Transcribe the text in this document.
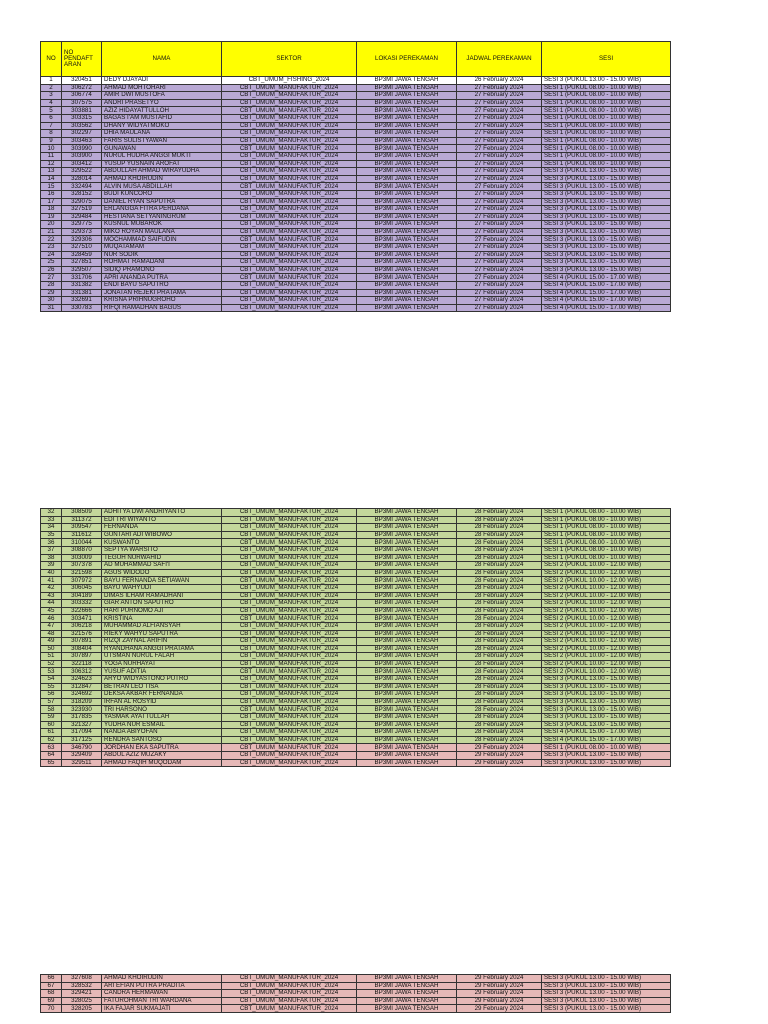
NO	NO PENDAFT ARAN	NAMA	SEKTOR	LOKASI PEREKAMAN	JADWAL PEREKAMAN	SESI
1	320451	DEDY DJAYADI	CBT_UMUM_FISHING_2024	BP3MI JAWA TENGAH	26 February 2024	SESI 3 (PUKUL 13.00 - 15.00 WIB)
2	306272	AHMAD MOHTOHARI	CBT_UMUM_MANUFAKTUR_2024	BP3MI JAWA TENGAH	27 February 2024	SESI 1 (PUKUL 08.00 - 10.00 WIB)
3	306774	AMIR DWI MUSTOFA	CBT_UMUM_MANUFAKTUR_2024	BP3MI JAWA TENGAH	27 February 2024	SESI 1 (PUKUL 08.00 - 10.00 WIB)
4	307575	ANDRI PRASETYO	CBT_UMUM_MANUFAKTUR_2024	BP3MI JAWA TENGAH	27 February 2024	SESI 1 (PUKUL 08.00 - 10.00 WIB)
5	303881	AZIZ HIDAYATTULLOH	CBT_UMUM_MANUFAKTUR_2024	BP3MI JAWA TENGAH	27 February 2024	SESI 1 (PUKUL 08.00 - 10.00 WIB)
6	303315	BAGAS I'AM MUSTAFID	CBT_UMUM_MANUFAKTUR_2024	BP3MI JAWA TENGAH	27 February 2024	SESI 1 (PUKUL 08.00 - 10.00 WIB)
7	303562	DHANY WIDYATMOKO	CBT_UMUM_MANUFAKTUR_2024	BP3MI JAWA TENGAH	27 February 2024	SESI 1 (PUKUL 08.00 - 10.00 WIB)
8	302297	DHIA MAULANA	CBT_UMUM_MANUFAKTUR_2024	BP3MI JAWA TENGAH	27 February 2024	SESI 1 (PUKUL 08.00 - 10.00 WIB)
9	303463	FARIS SULISTYAWAN	CBT_UMUM_MANUFAKTUR_2024	BP3MI JAWA TENGAH	27 February 2024	SESI 1 (PUKUL 08.00 - 10.00 WIB)
10	303990	GUNAWAN	CBT_UMUM_MANUFAKTUR_2024	BP3MI JAWA TENGAH	27 February 2024	SESI 1 (PUKUL 08.00 - 10.00 WIB)
11	303900	NURUL HUDHA ANGGI MUKTI	CBT_UMUM_MANUFAKTUR_2024	BP3MI JAWA TENGAH	27 February 2024	SESI 1 (PUKUL 08.00 - 10.00 WIB)
12	303412	YUSUP YUSNAIN AROFAT	CBT_UMUM_MANUFAKTUR_2024	BP3MI JAWA TENGAH	27 February 2024	SESI 1 (PUKUL 08.00 - 10.00 WIB)
13	329522	ABDULLAH AHMAD WIRAYUDHA	CBT_UMUM_MANUFAKTUR_2024	BP3MI JAWA TENGAH	27 February 2024	SESI 3 (PUKUL 13.00 - 15.00 WIB)
14	328014	AHMAD KHOIRUDIN	CBT_UMUM_MANUFAKTUR_2024	BP3MI JAWA TENGAH	27 February 2024	SESI 3 (PUKUL 13.00 - 15.00 WIB)
15	332494	ALVIN MUSA ABDILLAH	CBT_UMUM_MANUFAKTUR_2024	BP3MI JAWA TENGAH	27 February 2024	SESI 3 (PUKUL 13.00 - 15.00 WIB)
16	328152	BUDI KUNCORO	CBT_UMUM_MANUFAKTUR_2024	BP3MI JAWA TENGAH	27 February 2024	SESI 3 (PUKUL 13.00 - 15.00 WIB)
17	329075	DANIEL RYAN SAPUTRA	CBT_UMUM_MANUFAKTUR_2024	BP3MI JAWA TENGAH	27 February 2024	SESI 3 (PUKUL 13.00 - 15.00 WIB)
18	327519	ERLANGGA FITRA PERDANA	CBT_UMUM_MANUFAKTUR_2024	BP3MI JAWA TENGAH	27 February 2024	SESI 3 (PUKUL 13.00 - 15.00 WIB)
19	329484	HESTIANA SETYANINGRUM	CBT_UMUM_MANUFAKTUR_2024	BP3MI JAWA TENGAH	27 February 2024	SESI 3 (PUKUL 13.00 - 15.00 WIB)
20	329775	KUSNUL MUBAROK	CBT_UMUM_MANUFAKTUR_2024	BP3MI JAWA TENGAH	27 February 2024	SESI 3 (PUKUL 13.00 - 15.00 WIB)
21	329373	MIKO ROYAN MAULANA	CBT_UMUM_MANUFAKTUR_2024	BP3MI JAWA TENGAH	27 February 2024	SESI 3 (PUKUL 13.00 - 15.00 WIB)
22	329306	MOCHAMMAD SAIFUDIN	CBT_UMUM_MANUFAKTUR_2024	BP3MI JAWA TENGAH	27 February 2024	SESI 3 (PUKUL 13.00 - 15.00 WIB)
23	327510	MUQATAMAM	CBT_UMUM_MANUFAKTUR_2024	BP3MI JAWA TENGAH	27 February 2024	SESI 3 (PUKUL 13.00 - 15.00 WIB)
24	328459	NUR SODIK	CBT_UMUM_MANUFAKTUR_2024	BP3MI JAWA TENGAH	27 February 2024	SESI 3 (PUKUL 13.00 - 15.00 WIB)
25	327851	ROHMAT RAMADANI	CBT_UMUM_MANUFAKTUR_2024	BP3MI JAWA TENGAH	27 February 2024	SESI 3 (PUKUL 13.00 - 15.00 WIB)
26	329507	SIDIQ PRAMONO	CBT_UMUM_MANUFAKTUR_2024	BP3MI JAWA TENGAH	27 February 2024	SESI 3 (PUKUL 13.00 - 15.00 WIB)
27	331706	APRI ANANDA PUTRA	CBT_UMUM_MANUFAKTUR_2024	BP3MI JAWA TENGAH	27 February 2024	SESI 4 (PUKUL 15.00 - 17.00 WIB)
28	331382	ENDI BAYU SAPUTRO	CBT_UMUM_MANUFAKTUR_2024	BP3MI JAWA TENGAH	27 February 2024	SESI 4 (PUKUL 15.00 - 17.00 WIB)
29	331381	JONATAN REJEKI PRATAMA	CBT_UMUM_MANUFAKTUR_2024	BP3MI JAWA TENGAH	27 February 2024	SESI 4 (PUKUL 15.00 - 17.00 WIB)
30	332691	KRISNA PRIHNUGROHO	CBT_UMUM_MANUFAKTUR_2024	BP3MI JAWA TENGAH	27 February 2024	SESI 4 (PUKUL 15.00 - 17.00 WIB)
31	330783	RIFQI RAMADHAN BAGUS	CBT_UMUM_MANUFAKTUR_2024	BP3MI JAWA TENGAH	27 February 2024	SESI 4 (PUKUL 15.00 - 17.00 WIB)
32	308509	ADHITYA DWI ANDRIYANTO	CBT_UMUM_MANUFAKTUR_2024	BP3MI JAWA TENGAH	28 February 2024	SESI 1 (PUKUL 08.00 - 10.00 WIB)
33	311372	EDI TRI WIYANTO	CBT_UMUM_MANUFAKTUR_2024	BP3MI JAWA TENGAH	28 February 2024	SESI 1 (PUKUL 08.00 - 10.00 WIB)
34	309547	FERNANDA	CBT_UMUM_MANUFAKTUR_2024	BP3MI JAWA TENGAH	28 February 2024	SESI 1 (PUKUL 08.00 - 10.00 WIB)
35	311612	GUNTARI ADI WIBOWO	CBT_UMUM_MANUFAKTUR_2024	BP3MI JAWA TENGAH	28 February 2024	SESI 1 (PUKUL 08.00 - 10.00 WIB)
36	310044	KUSWANTO	CBT_UMUM_MANUFAKTUR_2024	BP3MI JAWA TENGAH	28 February 2024	SESI 1 (PUKUL 08.00 - 10.00 WIB)
37	308870	SEPTYA WARSITO	CBT_UMUM_MANUFAKTUR_2024	BP3MI JAWA TENGAH	28 February 2024	SESI 1 (PUKUL 08.00 - 10.00 WIB)
38	303009	TEGUH NURWAHID	CBT_UMUM_MANUFAKTUR_2024	BP3MI JAWA TENGAH	28 February 2024	SESI 1 (PUKUL 08.00 - 10.00 WIB)
39	307378	AD MUHAMMAD SAFI'I	CBT_UMUM_MANUFAKTUR_2024	BP3MI JAWA TENGAH	28 February 2024	SESI 2 (PUKUL 10.00 - 12.00 WIB)
40	321598	AGUS WIDODO	CBT_UMUM_MANUFAKTUR_2024	BP3MI JAWA TENGAH	28 February 2024	SESI 2 (PUKUL 10.00 - 12.00 WIB)
41	307972	BAYU FERNANDA SETIAWAN	CBT_UMUM_MANUFAKTUR_2024	BP3MI JAWA TENGAH	28 February 2024	SESI 2 (PUKUL 10.00 - 12.00 WIB)
42	306045	BAYU WAHYUDI	CBT_UMUM_MANUFAKTUR_2024	BP3MI JAWA TENGAH	28 February 2024	SESI 2 (PUKUL 10.00 - 12.00 WIB)
43	304189	DIMAS ILHAM RAMADHANI	CBT_UMUM_MANUFAKTUR_2024	BP3MI JAWA TENGAH	28 February 2024	SESI 2 (PUKUL 10.00 - 12.00 WIB)
44	303332	GIAR ANTON SAPUTRO	CBT_UMUM_MANUFAKTUR_2024	BP3MI JAWA TENGAH	28 February 2024	SESI 2 (PUKUL 10.00 - 12.00 WIB)
45	322666	HARI PURNOMO AJI	CBT_UMUM_MANUFAKTUR_2024	BP3MI JAWA TENGAH	28 February 2024	SESI 2 (PUKUL 10.00 - 12.00 WIB)
46	303471	KRISTINA	CBT_UMUM_MANUFAKTUR_2024	BP3MI JAWA TENGAH	28 February 2024	SESI 2 (PUKUL 10.00 - 12.00 WIB)
47	306218	MUHAMMAD ALFIANSYAH	CBT_UMUM_MANUFAKTUR_2024	BP3MI JAWA TENGAH	28 February 2024	SESI 2 (PUKUL 10.00 - 12.00 WIB)
48	321576	RIEKY WAHYU SAPUTRA	CBT_UMUM_MANUFAKTUR_2024	BP3MI JAWA TENGAH	28 February 2024	SESI 2 (PUKUL 10.00 - 12.00 WIB)
49	307891	RIZQI ZAYNAL ARIFIN	CBT_UMUM_MANUFAKTUR_2024	BP3MI JAWA TENGAH	28 February 2024	SESI 2 (PUKUL 10.00 - 12.00 WIB)
50	308404	RYANDHANA ANGGI PRATAMA	CBT_UMUM_MANUFAKTUR_2024	BP3MI JAWA TENGAH	28 February 2024	SESI 2 (PUKUL 10.00 - 12.00 WIB)
51	307897	UTSMAN NURUL FALAH	CBT_UMUM_MANUFAKTUR_2024	BP3MI JAWA TENGAH	28 February 2024	SESI 2 (PUKUL 10.00 - 12.00 WIB)
52	322118	YOGA NURHAYAT	CBT_UMUM_MANUFAKTUR_2024	BP3MI JAWA TENGAH	28 February 2024	SESI 2 (PUKUL 10.00 - 12.00 WIB)
53	306312	YUSUF ADITIA	CBT_UMUM_MANUFAKTUR_2024	BP3MI JAWA TENGAH	28 February 2024	SESI 2 (PUKUL 10.00 - 12.00 WIB)
54	324623	ARYO WIDYASTONO PUTRO	CBT_UMUM_MANUFAKTUR_2024	BP3MI JAWA TENGAH	28 February 2024	SESI 3 (PUKUL 13.00 - 15.00 WIB)
55	312847	BETRAN LEO TISA	CBT_UMUM_MANUFAKTUR_2024	BP3MI JAWA TENGAH	28 February 2024	SESI 3 (PUKUL 13.00 - 15.00 WIB)
56	324692	DEKSA AKBAR FERNANDA	CBT_UMUM_MANUFAKTUR_2024	BP3MI JAWA TENGAH	28 February 2024	SESI 3 (PUKUL 13.00 - 15.00 WIB)
57	318209	IRFAN AL ROSYID	CBT_UMUM_MANUFAKTUR_2024	BP3MI JAWA TENGAH	28 February 2024	SESI 3 (PUKUL 13.00 - 15.00 WIB)
58	323930	TRI HARSONO	CBT_UMUM_MANUFAKTUR_2024	BP3MI JAWA TENGAH	28 February 2024	SESI 3 (PUKUL 13.00 - 15.00 WIB)
59	317835	YASMAK AYATTULLAH	CBT_UMUM_MANUFAKTUR_2024	BP3MI JAWA TENGAH	28 February 2024	SESI 3 (PUKUL 13.00 - 15.00 WIB)
60	321327	YUDHA NUR ESMAIL	CBT_UMUM_MANUFAKTUR_2024	BP3MI JAWA TENGAH	28 February 2024	SESI 3 (PUKUL 13.00 - 15.00 WIB)
61	317094	NANDA ABIYOFAN	CBT_UMUM_MANUFAKTUR_2024	BP3MI JAWA TENGAH	28 February 2024	SESI 4 (PUKUL 15.00 - 17.00 WIB)
62	317125	RENDRA SANTOSO	CBT_UMUM_MANUFAKTUR_2024	BP3MI JAWA TENGAH	28 February 2024	SESI 4 (PUKUL 15.00 - 17.00 WIB)
63	346790	JORDHAN EKA SAPUTRA	CBT_UMUM_MANUFAKTUR_2024	BP3MI JAWA TENGAH	29 February 2024	SESI 1 (PUKUL 08.00 - 10.00 WIB)
64	329409	ABDUL AZIZ MUZAKY	CBT_UMUM_MANUFAKTUR_2024	BP3MI JAWA TENGAH	29 February 2024	SESI 3 (PUKUL 13.00 - 15.00 WIB)
65	329511	AHMAD FAQIH MUQODAM	CBT_UMUM_MANUFAKTUR_2024	BP3MI JAWA TENGAH	29 February 2024	SESI 3 (PUKUL 13.00 - 15.00 WIB)
66	327608	AHMAD KHOIRUDIN	CBT_UMUM_MANUFAKTUR_2024	BP3MI JAWA TENGAH	29 February 2024	SESI 3 (PUKUL 13.00 - 15.00 WIB)
67	328532	ARI EFIAN PUTRA PRADITA	CBT_UMUM_MANUFAKTUR_2024	BP3MI JAWA TENGAH	29 February 2024	SESI 3 (PUKUL 13.00 - 15.00 WIB)
68	329421	CANDRA HERMAWAN	CBT_UMUM_MANUFAKTUR_2024	BP3MI JAWA TENGAH	29 February 2024	SESI 3 (PUKUL 13.00 - 15.00 WIB)
69	328025	FATUROHMAN TRI WARDANA	CBT_UMUM_MANUFAKTUR_2024	BP3MI JAWA TENGAH	29 February 2024	SESI 3 (PUKUL 13.00 - 15.00 WIB)
70	328205	IKA FAJAR SUKMAJATI	CBT_UMUM_MANUFAKTUR_2024	BP3MI JAWA TENGAH	29 February 2024	SESI 3 (PUKUL 13.00 - 15.00 WIB)
